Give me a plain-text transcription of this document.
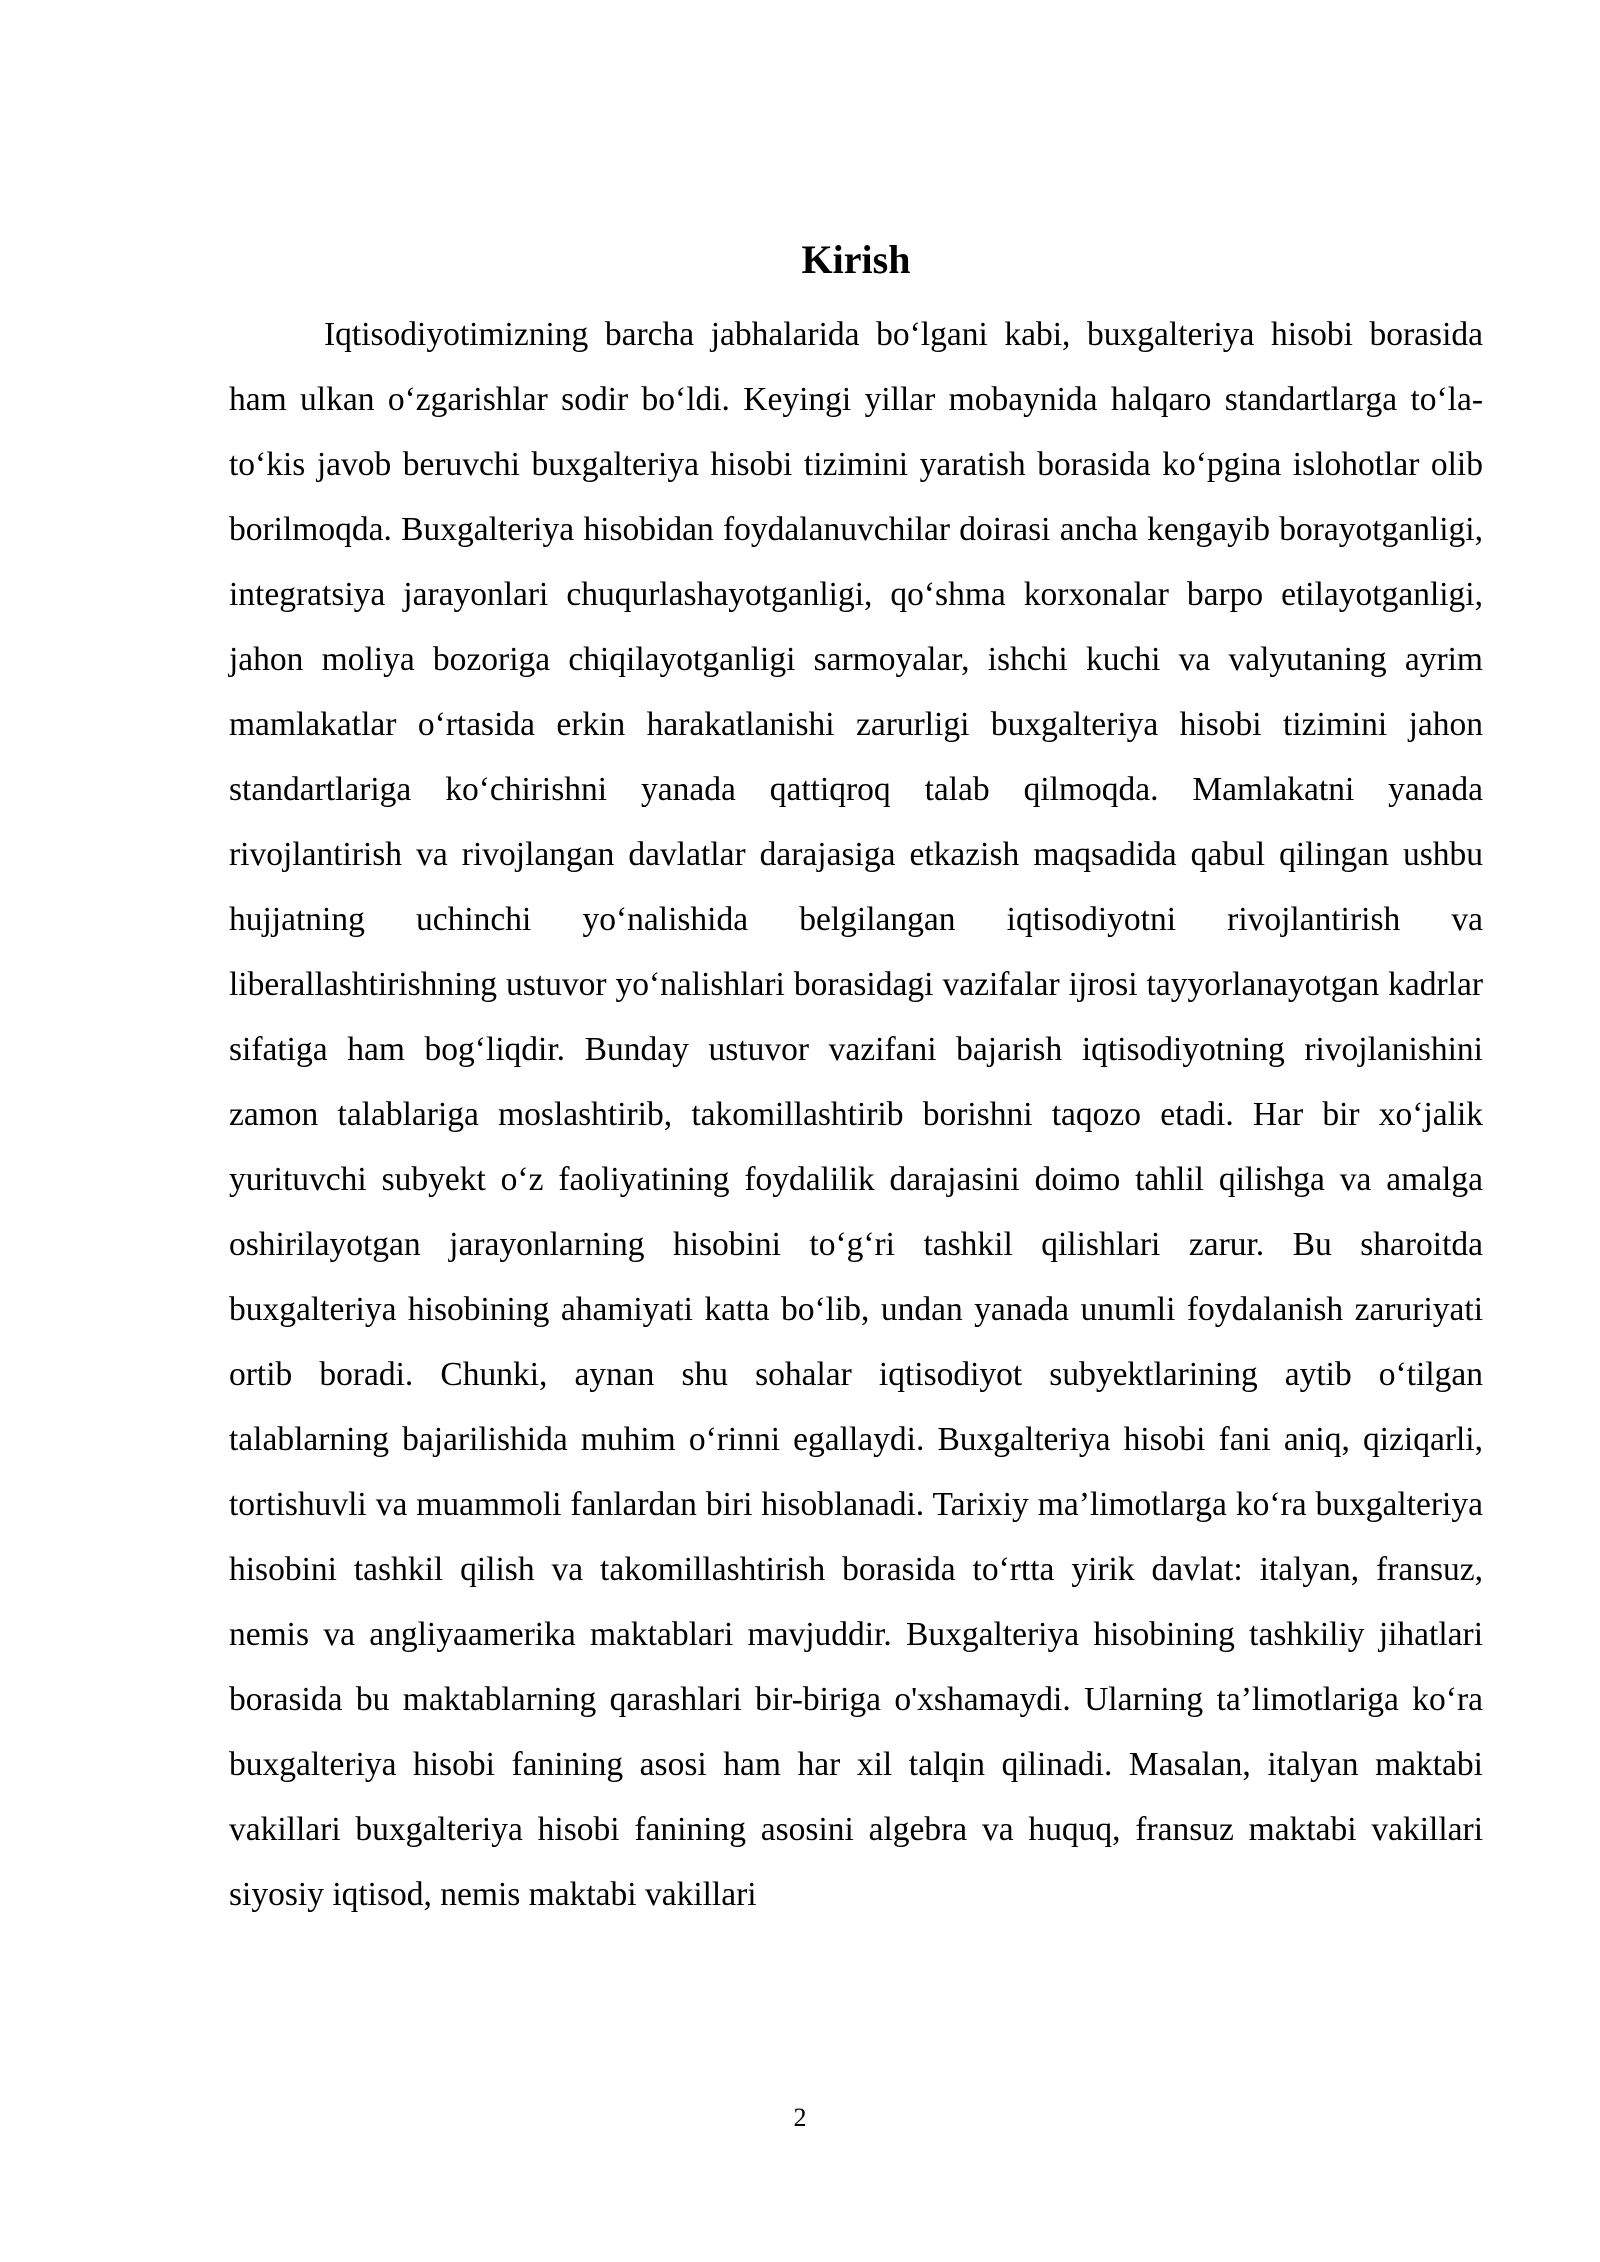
Kirish

Iqtisodiyotimizning barcha jabhalarida bo‘lgani kabi, buxgalteriya hisobi borasida ham ulkan o‘zgarishlar sodir bo‘ldi. Keyingi yillar mobaynida halqaro standartlarga to‘la-to‘kis javob beruvchi buxgalteriya hisobi tizimini yaratish borasida ko‘pgina islohotlar olib borilmoqda. Buxgalteriya hisobidan foydalanuvchilar doirasi ancha kengayib borayotganligi, integratsiya jarayonlari chuqurlashayotganligi, qo‘shma korxonalar barpo etilayotganligi, jahon moliya bozoriga chiqilayotganligi sarmoyalar, ishchi kuchi va valyutaning ayrim mamlakatlar o‘rtasida erkin harakatlanishi zarurligi buxgalteriya hisobi tizimini jahon standartlariga ko‘chirishni yanada qattiqroq talab qilmoqda. Mamlakatni yanada rivojlantirish va rivojlangan davlatlar darajasiga etkazish maqsadida qabul qilingan ushbu hujjatning uchinchi yo‘nalishida belgilangan iqtisodiyotni rivojlantirish va liberallashtirishning ustuvor yo‘nalishlari borasidagi vazifalar ijrosi tayyorlanayotgan kadrlar sifatiga ham bog‘liqdir. Bunday ustuvor vazifani bajarish iqtisodiyotning rivojlanishini zamon talablariga moslashtirib, takomillashtirib borishni taqozo etadi. Har bir xo‘jalik yurituvchi subyekt o‘z faoliyatining foydalilik darajasini doimo tahlil qilishga va amalga oshirilayotgan jarayonlarning hisobini to‘g‘ri tashkil qilishlari zarur. Bu sharoitda buxgalteriya hisobining ahamiyati katta bo‘lib, undan yanada unumli foydalanish zaruriyati ortib boradi. Chunki, aynan shu sohalar iqtisodiyot subyektlarining aytib o‘tilgan talablarning bajarilishida muhim o‘rinni egallaydi. Buxgalteriya hisobi fani aniq, qiziqarli, tortishuvli va muammoli fanlardan biri hisoblanadi. Tarixiy ma’limotlarga ko‘ra buxgalteriya hisobini tashkil qilish va takomillashtirish borasida to‘rtta yirik davlat: italyan, fransuz, nemis va angliyaamerika maktablari mavjuddir. Buxgalteriya hisobining tashkiliy jihatlari borasida bu maktablarning qarashlari bir-biriga o'xshamaydi. Ularning ta’limotlariga ko‘ra buxgalteriya hisobi fanining asosi ham har xil talqin qilinadi. Masalan, italyan maktabi vakillari buxgalteriya hisobi fanining asosini algebra va huquq, fransuz maktabi vakillari siyosiy iqtisod, nemis maktabi vakillari

2
